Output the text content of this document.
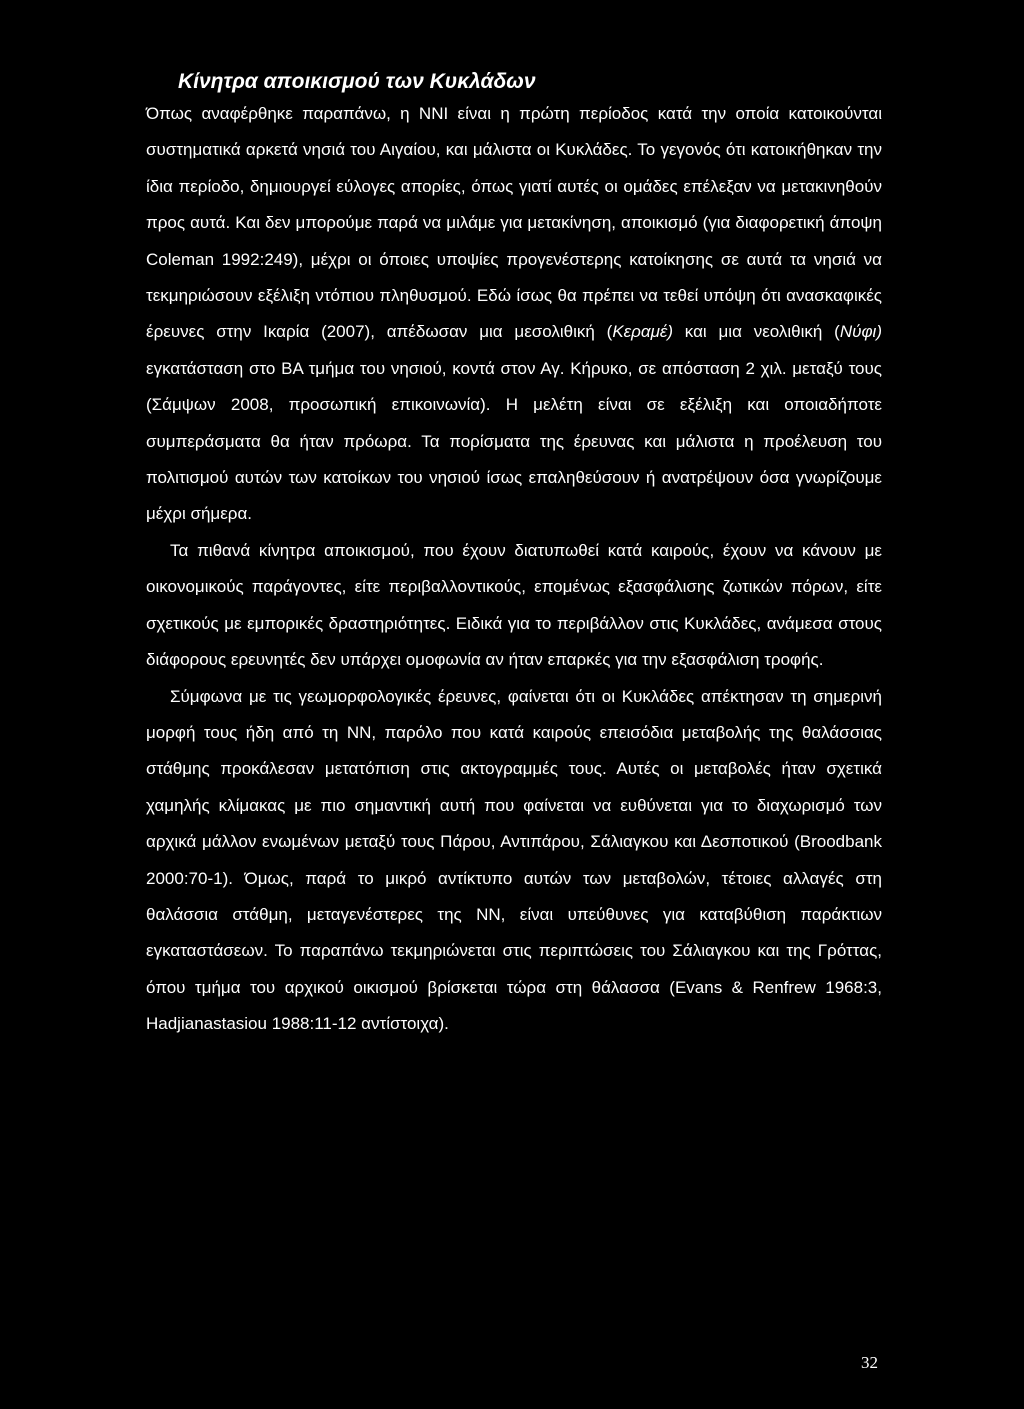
Κίνητρα αποικισμού των Κυκλάδων

Όπως αναφέρθηκε παραπάνω, η ΝΝΙ είναι η πρώτη περίοδος κατά την οποία κατοικούνται συστηματικά αρκετά νησιά του Αιγαίου, και μάλιστα οι Κυκλάδες. Το γεγονός ότι κατοικήθηκαν την ίδια περίοδο, δημιουργεί εύλογες απορίες, όπως γιατί αυτές οι ομάδες επέλεξαν να μετακινηθούν προς αυτά. Και δεν μπορούμε παρά να μιλάμε για μετακίνηση, αποικισμό (για διαφορετική άποψη Coleman 1992:249), μέχρι οι όποιες υποψίες προγενέστερης κατοίκησης σε αυτά τα νησιά να τεκμηριώσουν εξέλιξη ντόπιου πληθυσμού. Εδώ ίσως θα πρέπει να τεθεί υπόψη ότι ανασκαφικές έρευνες στην Ικαρία (2007), απέδωσαν μια μεσολιθική (Κεραμέ) και μια νεολιθική (Νύφι) εγκατάσταση στο ΒΑ τμήμα του νησιού, κοντά στον Αγ. Κήρυκο, σε απόσταση 2 χιλ. μεταξύ τους (Σάμψων 2008, προσωπική επικοινωνία). Η μελέτη είναι σε εξέλιξη και οποιαδήποτε συμπεράσματα θα ήταν πρόωρα. Τα πορίσματα της έρευνας και μάλιστα η προέλευση του πολιτισμού αυτών των κατοίκων του νησιού ίσως επαληθεύσουν ή ανατρέψουν όσα γνωρίζουμε μέχρι σήμερα.

Τα πιθανά κίνητρα αποικισμού, που έχουν διατυπωθεί κατά καιρούς, έχουν να κάνουν με οικονομικούς παράγοντες, είτε περιβαλλοντικούς, επομένως εξασφάλισης ζωτικών πόρων, είτε σχετικούς με εμπορικές δραστηριότητες. Ειδικά για το περιβάλλον στις Κυκλάδες, ανάμεσα στους διάφορους ερευνητές δεν υπάρχει ομοφωνία αν ήταν επαρκές για την εξασφάλιση τροφής.

Σύμφωνα με τις γεωμορφολογικές έρευνες, φαίνεται ότι οι Κυκλάδες απέκτησαν τη σημερινή μορφή τους ήδη από τη ΝΝ, παρόλο που κατά καιρούς επεισόδια μεταβολής της θαλάσσιας στάθμης προκάλεσαν μετατόπιση στις ακτογραμμές τους. Αυτές οι μεταβολές ήταν σχετικά χαμηλής κλίμακας με πιο σημαντική αυτή που φαίνεται να ευθύνεται για το διαχωρισμό των αρχικά μάλλον ενωμένων μεταξύ τους Πάρου, Αντιπάρου, Σάλιαγκου και Δεσποτικού (Broodbank 2000:70-1). Όμως, παρά το μικρό αντίκτυπο αυτών των μεταβολών, τέτοιες αλλαγές στη θαλάσσια στάθμη, μεταγενέστερες της ΝΝ, είναι υπεύθυνες για καταβύθιση παράκτιων εγκαταστάσεων. Το παραπάνω τεκμηριώνεται στις περιπτώσεις του Σάλιαγκου και της Γρόττας, όπου τμήμα του αρχικού οικισμού βρίσκεται τώρα στη θάλασσα (Evans & Renfrew 1968:3, Hadjianastasiou 1988:11-12 αντίστοιχα).

32
